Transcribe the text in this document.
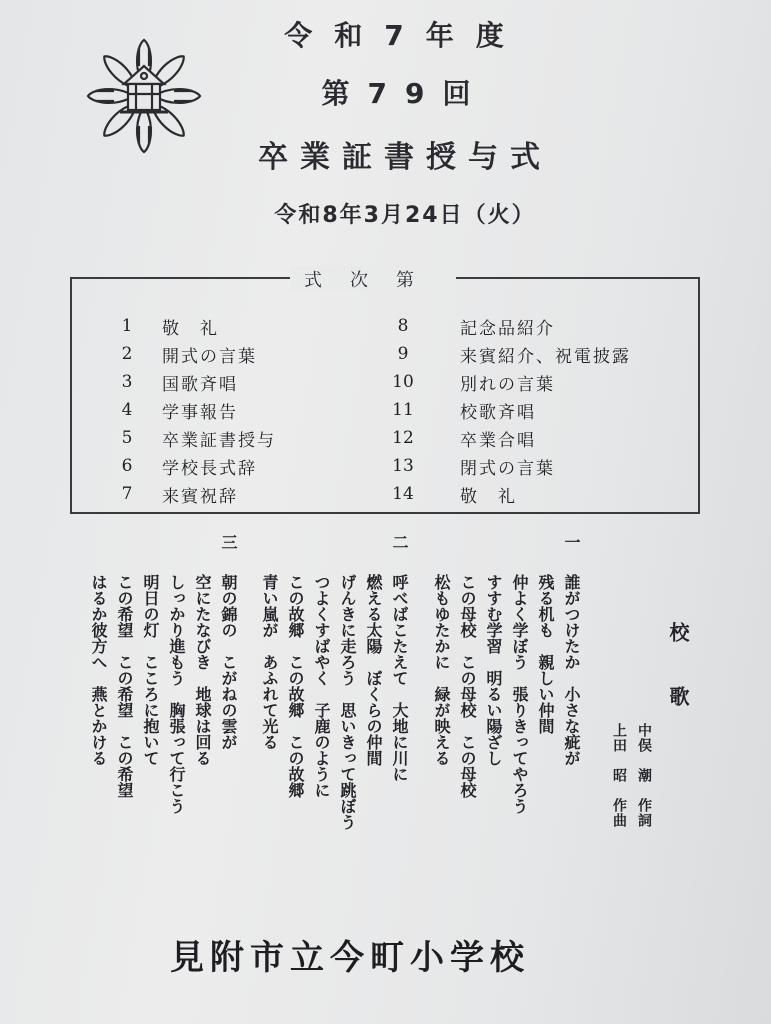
令和7年度
第79回
卒業証書授与式
令和8年3月24日（火）
式次第
1	敬　礼
2	開式の言葉
3	国歌斉唱
4	学事報告
5	卒業証書授与
6	学校長式辞
7	来賓祝辞
8	記念品紹介
9	来賓紹介、祝電披露
10	別れの言葉
11	校歌斉唱
12	卒業合唱
13	閉式の言葉
14	敬　礼
校　歌
中俣　潮　作詞
上田　昭　作曲
一
誰がつけたか　小さな疵が
残る机も　親しい仲間
仲よく学ぼう　張りきってやろう
すすむ学習　明るい陽ざし
この母校　この母校　この母校
松もゆたかに　緑が映える
二
呼べばこたえて　大地に川に
燃える太陽　ぼくらの仲間
げんきに走ろう　思いきって跳ぼう
つよくすばやく　子鹿のように
この故郷　この故郷　この故郷
青い嵐が　あふれて光る
三
朝の錦の　こがねの雲が
空にたなびき　地球は回る
しっかり進もう　胸張って行こう
明日の灯　こころに抱いて
この希望　この希望　この希望
はるか彼方へ　燕とかける
見附市立今町小学校
